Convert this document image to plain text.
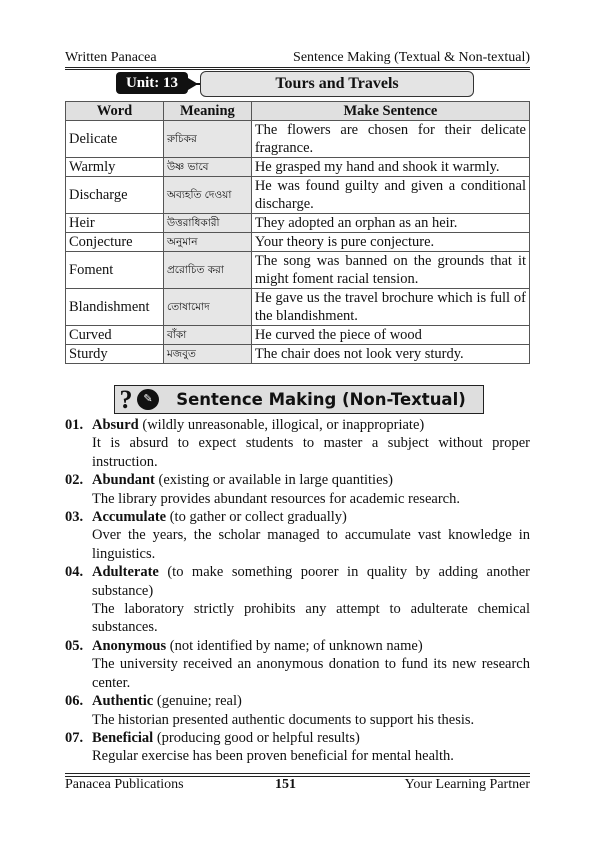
Written Panacea	Sentence Making (Textual & Non-textual)
Unit: 13	Tours and Travels
Word	Meaning	Make Sentence
Delicate	রুচিকর	The flowers are chosen for their delicate fragrance.
Warmly	উষ্ণ ভাবে	He grasped my hand and shook it warmly.
Discharge	অব্যহতি দেওয়া	He was found guilty and given a conditional discharge.
Heir	উত্তরাধিকারী	They adopted an orphan as an heir.
Conjecture	অনুমান	Your theory is pure conjecture.
Foment	প্ররোচিত করা	The song was banned on the grounds that it might foment racial tension.
Blandishment	তোষামোদ	He gave us the travel brochure which is full of the blandishment.
Curved	বাঁকা	He curved the piece of wood
Sturdy	মজবুত	The chair does not look very sturdy.
? ✎	Sentence Making (Non-Textual)
01. Absurd (wildly unreasonable, illogical, or inappropriate)
It is absurd to expect students to master a subject without proper instruction.
02. Abundant (existing or available in large quantities)
The library provides abundant resources for academic research.
03. Accumulate (to gather or collect gradually)
Over the years, the scholar managed to accumulate vast knowledge in linguistics.
04. Adulterate (to make something poorer in quality by adding another substance)
The laboratory strictly prohibits any attempt to adulterate chemical substances.
05. Anonymous (not identified by name; of unknown name)
The university received an anonymous donation to fund its new research center.
06. Authentic (genuine; real)
The historian presented authentic documents to support his thesis.
07. Beneficial (producing good or helpful results)
Regular exercise has been proven beneficial for mental health.
Panacea Publications	151	Your Learning Partner
